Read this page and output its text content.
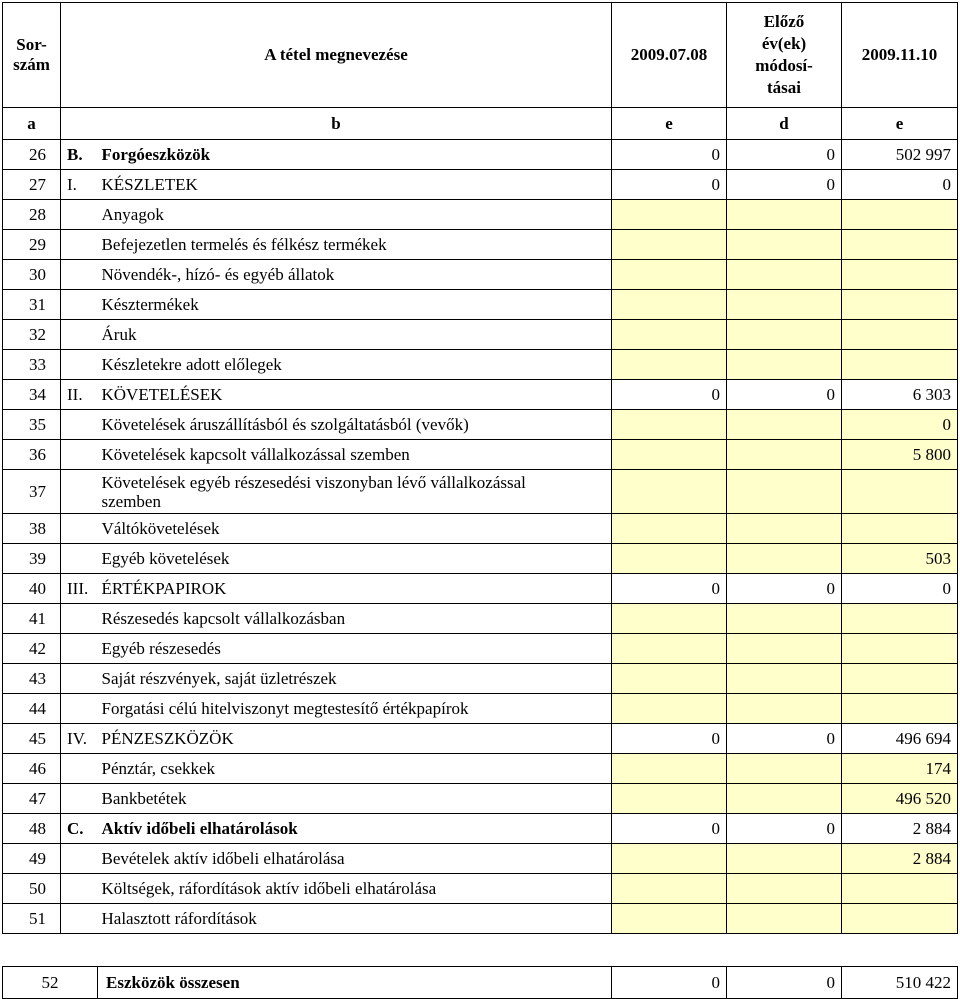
Sor-
szám	A tétel megnevezése		2009.07.08	Előző
év(ek)
módosí-
tásai	2009.11.10
a	b		e	d	e
26	B.	Forgóeszközök	0	0	502 997
27	I.	KÉSZLETEK	0	0	0
28		Anyagok			
29		Befejezetlen termelés és félkész termékek			
30		Növendék-, hízó- és egyéb állatok			
31		Késztermékek			
32		Áruk			
33		Készletekre adott előlegek			
34	II.	KÖVETELÉSEK	0	0	6 303
35		Követelések áruszállításból és szolgáltatásból (vevők)			0
36		Követelések kapcsolt vállalkozással szemben			5 800
37		Követelések egyéb részesedési viszonyban lévő vállalkozással szemben			
38		Váltókövetelések			
39		Egyéb követelések			503
40	III.	ÉRTÉKPAPIROK	0	0	0
41		Részesedés kapcsolt vállalkozásban			
42		Egyéb részesedés			
43		Saját részvények, saját üzletrészek			
44		Forgatási célú hitelviszonyt megtestesítő értékpapírok			
45	IV.	PÉNZESZKÖZÖK	0	0	496 694
46		Pénztár, csekkek			174
47		Bankbetétek			496 520
48	C.	Aktív időbeli elhatárolások	0	0	2 884
49		Bevételek aktív időbeli elhatárolása			2 884
50		Költségek, ráfordítások aktív időbeli elhatárolása			
51		Halasztott ráfordítások			
52	Eszközök összesen	0	0	510 422
